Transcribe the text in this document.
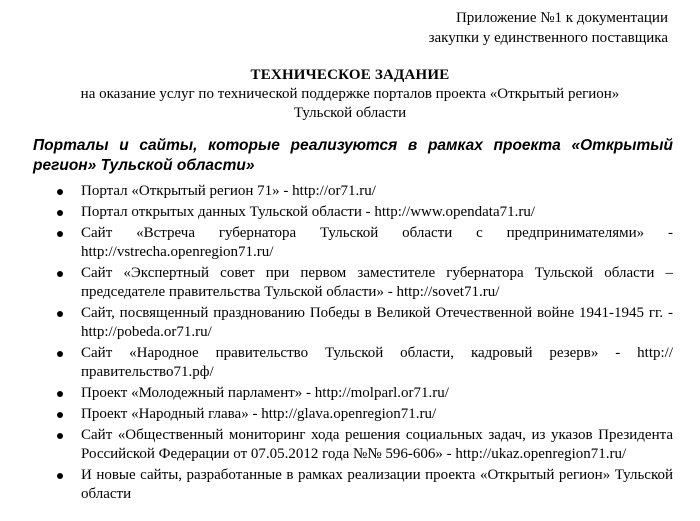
Приложение №1 к документации
закупки у единственного поставщика
ТЕХНИЧЕСКОЕ ЗАДАНИЕ
на оказание услуг по технической поддержке порталов проекта «Открытый регион»
Тульской области
Порталы и сайты, которые реализуются в рамках проекта «Открытый регион» Тульской области»
Портал «Открытый регион 71» - http://or71.ru/
Портал открытых данных Тульской области - http://www.opendata71.ru/
Сайт «Встреча губернатора Тульской области с предпринимателями» - http://vstrecha.openregion71.ru/
Сайт «Экспертный совет при первом заместителе губернатора Тульской области – председателе правительства Тульской области» - http://sovet71.ru/
Сайт, посвященный празднованию Победы в Великой Отечественной войне 1941-1945 гг. - http://pobeda.or71.ru/
Сайт «Народное правительство Тульской области, кадровый резерв» - http://правительство71.рф/
Проект «Молодежный парламент» - http://molparl.or71.ru/
Проект «Народный глава» - http://glava.openregion71.ru/
Сайт «Общественный мониторинг хода решения социальных задач, из указов Президента Российской Федерации от 07.05.2012 года №№ 596-606» - http://ukaz.openregion71.ru/
И новые сайты, разработанные в рамках реализации проекта «Открытый регион» Тульской области
